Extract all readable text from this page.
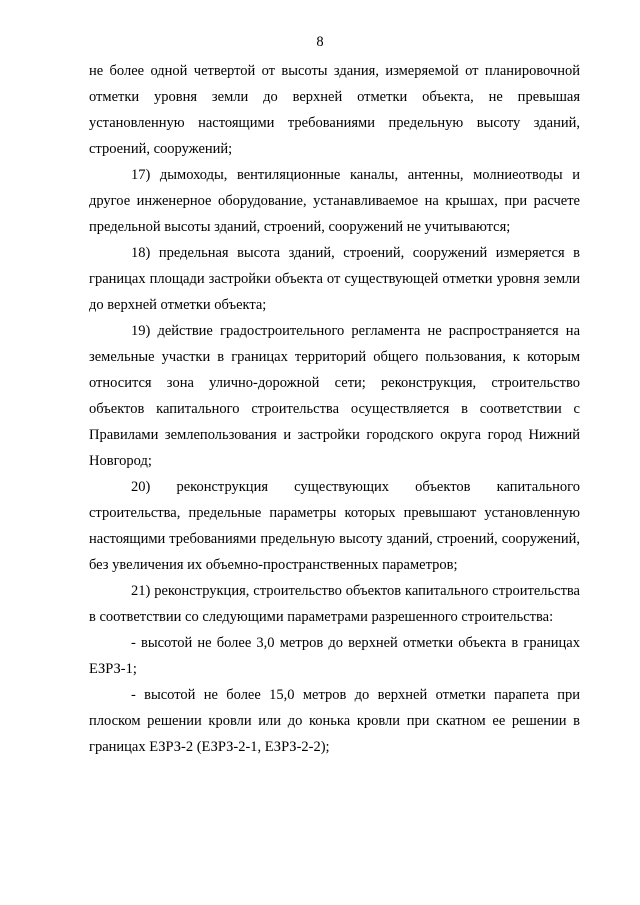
8

не более одной четвертой от высоты здания, измеряемой от планировочной отметки уровня земли до верхней отметки объекта, не превышая установленную настоящими требованиями предельную высоту зданий, строений, сооружений;

17) дымоходы, вентиляционные каналы, антенны, молниеотводы и другое инженерное оборудование, устанавливаемое на крышах, при расчете предельной высоты зданий, строений, сооружений не учитываются;

18) предельная высота зданий, строений, сооружений измеряется в границах площади застройки объекта от существующей отметки уровня земли до верхней отметки объекта;

19) действие градостроительного регламента не распространяется на земельные участки в границах территорий общего пользования, к которым относится зона улично-дорожной сети; реконструкция, строительство объектов капитального строительства осуществляется в соответствии с Правилами землепользования и застройки городского округа город Нижний Новгород;

20) реконструкция существующих объектов капитального строительства, предельные параметры которых превышают установленную настоящими требованиями предельную высоту зданий, строений, сооружений, без увеличения их объемно-пространственных параметров;

21) реконструкция, строительство объектов капитального строительства в соответствии со следующими параметрами разрешенного строительства:

- высотой не более 3,0 метров до верхней отметки объекта в границах ЕЗРЗ-1;

- высотой не более 15,0 метров до верхней отметки парапета при плоском решении кровли или до конька кровли при скатном ее решении в границах ЕЗРЗ-2 (ЕЗРЗ-2-1, ЕЗРЗ-2-2);
